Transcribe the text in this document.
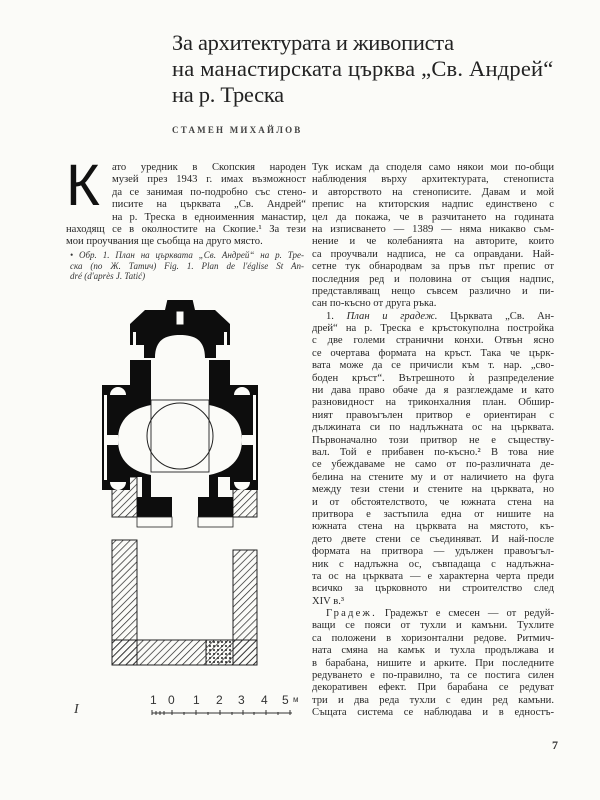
За архитектурата и живописта
на манастирската църква „Св. Андрей“
на р. Треска
СТАМЕН МИХАЙЛОВ
К ато уредник в Скопския народен
музей през 1943 г. имах възможност
да се занимая по-подробно със стено-
писите на църквата „Св. Андрей“
на р. Треска в едноименния манастир,
находящ се в околностите на Скопие.¹ За тези
мои проучвания ще съобща на друго място.
• Обр. 1. План на църквата „Св. Андрей“ на р. Тре-
ска (по Ж. Татич) Fig. 1. Plan de l'église St An-
dré (d'après J. Tatić)
1 0 1 2 3 4 5 м
I
Тук искам да споделя само някои мои по-общи
наблюдения върху архитектурата, стенописта
и авторството на стенописите. Давам и мой
препис на ктиторския надпис единствено с
цел да покажа, че в разчитането на годината
на изписването — 1389 — няма никакво съм-
нение и че колебанията на авторите, които
са проучвали надписа, не са оправдани. Най-
сетне тук обнародвам за пръв път препис от
последния ред и половина от същия надпис,
представляващ нещо съвсем различно и пи-
сан по-късно от друга ръка.
1. План и градеж. Църквата „Св. Ан-
дрей“ на р. Треска е кръстокуполна постройка
с две големи странични конхи. Отвън ясно
се очертава формата на кръст. Така че църк-
вата може да се причисли към т. нар. „сво-
боден кръст“. Вътрешното ѝ разпределение
ни дава право обаче да я разглеждаме и като
разновидност на триконхалния план. Обшир-
ният правоъгълен притвор е ориентиран с
дължината си по надлъжната ос на църквата.
Първоначално този притвор не е съществу-
вал. Той е прибавен по-късно.² В това ние
се убеждаваме не само от по-различната де-
белина на стените му и от наличието на фуга
между тези стени и стените на църквата, но
и от обстоятелството, че южната стена на
притвора е застъпила една от нишите на
южната стена на църквата на мястото, къ-
дето двете стени се съединяват. И най-после
формата на притвора — удължен правоъгъл-
ник с надлъжна ос, съвпадаща с надлъжна-
та ос на църквата — е характерна черта преди
всичко за църковното ни строителство след
XIV в.³
Градеж. Градежът е смесен — от редуй-
ващи се пояси от тухли и камъни. Тухлите
са положени в хоризонтални редове. Ритмич-
ната смяна на камък и тухла продължава и
в барабана, нишите и арките. При последните
редуването е по-правилно, та се постига силен
декоративен ефект. При барабана се редуват
три и два реда тухли с един ред камъни.
Същата система се наблюдава и в едностъ-
7
